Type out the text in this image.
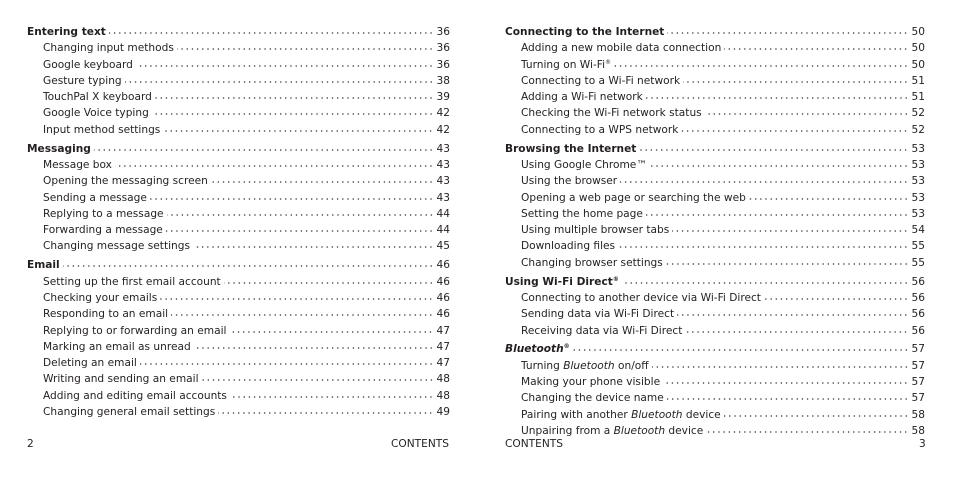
Entering text	36
Changing input methods	36
Google keyboard	36
Gesture typing	38
TouchPal X keyboard	39
Google Voice typing	42
Input method settings	42
Messaging	43
Message box	43
Opening the messaging screen	43
Sending a message	43
Replying to a message	44
Forwarding a message	44
Changing message settings	45
Email	46
Setting up the first email account	46
Checking your emails	46
Responding to an email	46
Replying to or forwarding an email	47
Marking an email as unread	47
Deleting an email	47
Writing and sending an email	48
Adding and editing email accounts	48
Changing general email settings	49
Connecting to the Internet	50
Adding a new mobile data connection	50
Turning on Wi-Fi®	50
Connecting to a Wi-Fi network	51
Adding a Wi-Fi network	51
Checking the Wi-Fi network status	52
Connecting to a WPS network	52
Browsing the Internet	53
Using Google Chrome™	53
Using the browser	53
Opening a web page or searching the web	53
Setting the home page	53
Using multiple browser tabs	54
Downloading files	55
Changing browser settings	55
Using Wi-Fi Direct®	56
Connecting to another device via Wi-Fi Direct	56
Sending data via Wi-Fi Direct	56
Receiving data via Wi-Fi Direct	56
Bluetooth®	57
Turning Bluetooth on/off	57
Making your phone visible	57
Changing the device name	57
Pairing with another Bluetooth device	58
Unpairing from a Bluetooth device	58
2	CONTENTS	CONTENTS	3
